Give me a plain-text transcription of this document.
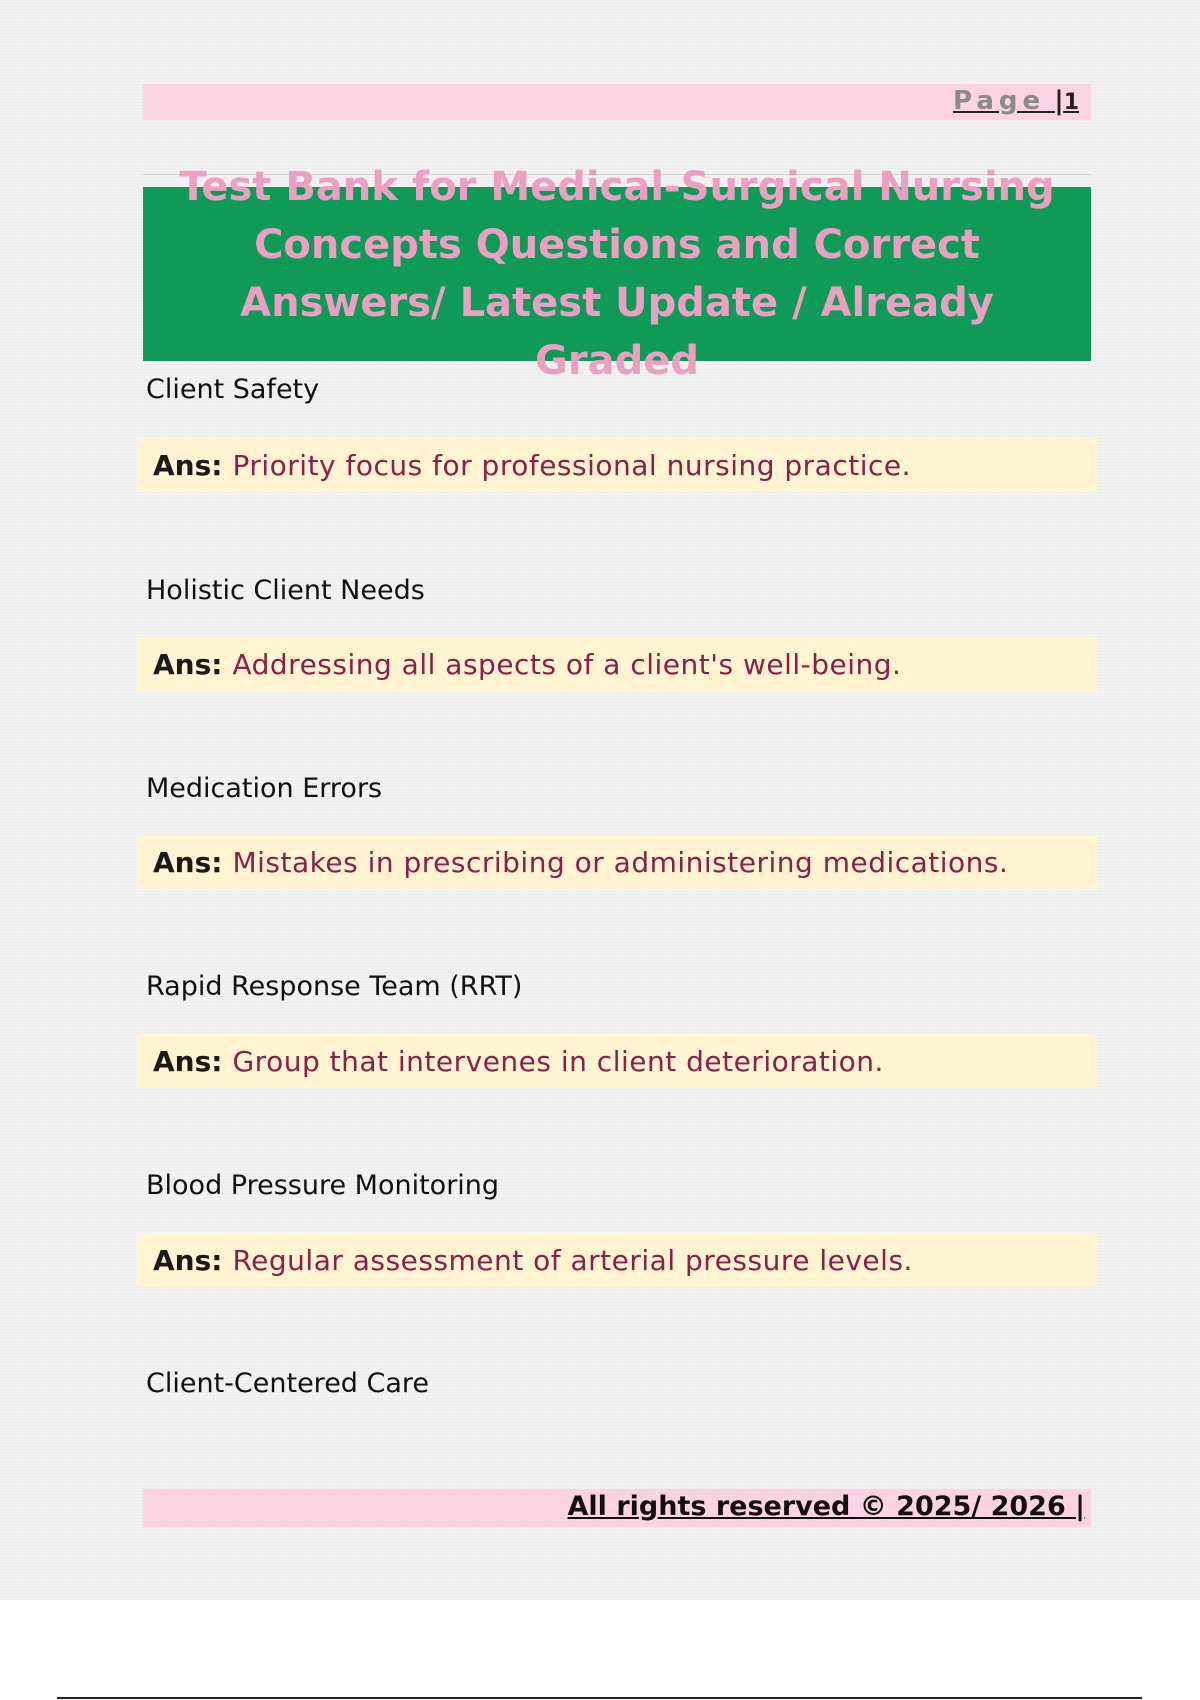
Page |1
Test Bank for Medical-Surgical Nursing Concepts Questions and Correct Answers/ Latest Update / Already Graded
Client Safety
Ans: Priority focus for professional nursing practice.
Holistic Client Needs
Ans: Addressing all aspects of a client's well-being.
Medication Errors
Ans: Mistakes in prescribing or administering medications.
Rapid Response Team (RRT)
Ans: Group that intervenes in client deterioration.
Blood Pressure Monitoring
Ans: Regular assessment of arterial pressure levels.
Client-Centered Care
All rights reserved © 2025/ 2026 |
